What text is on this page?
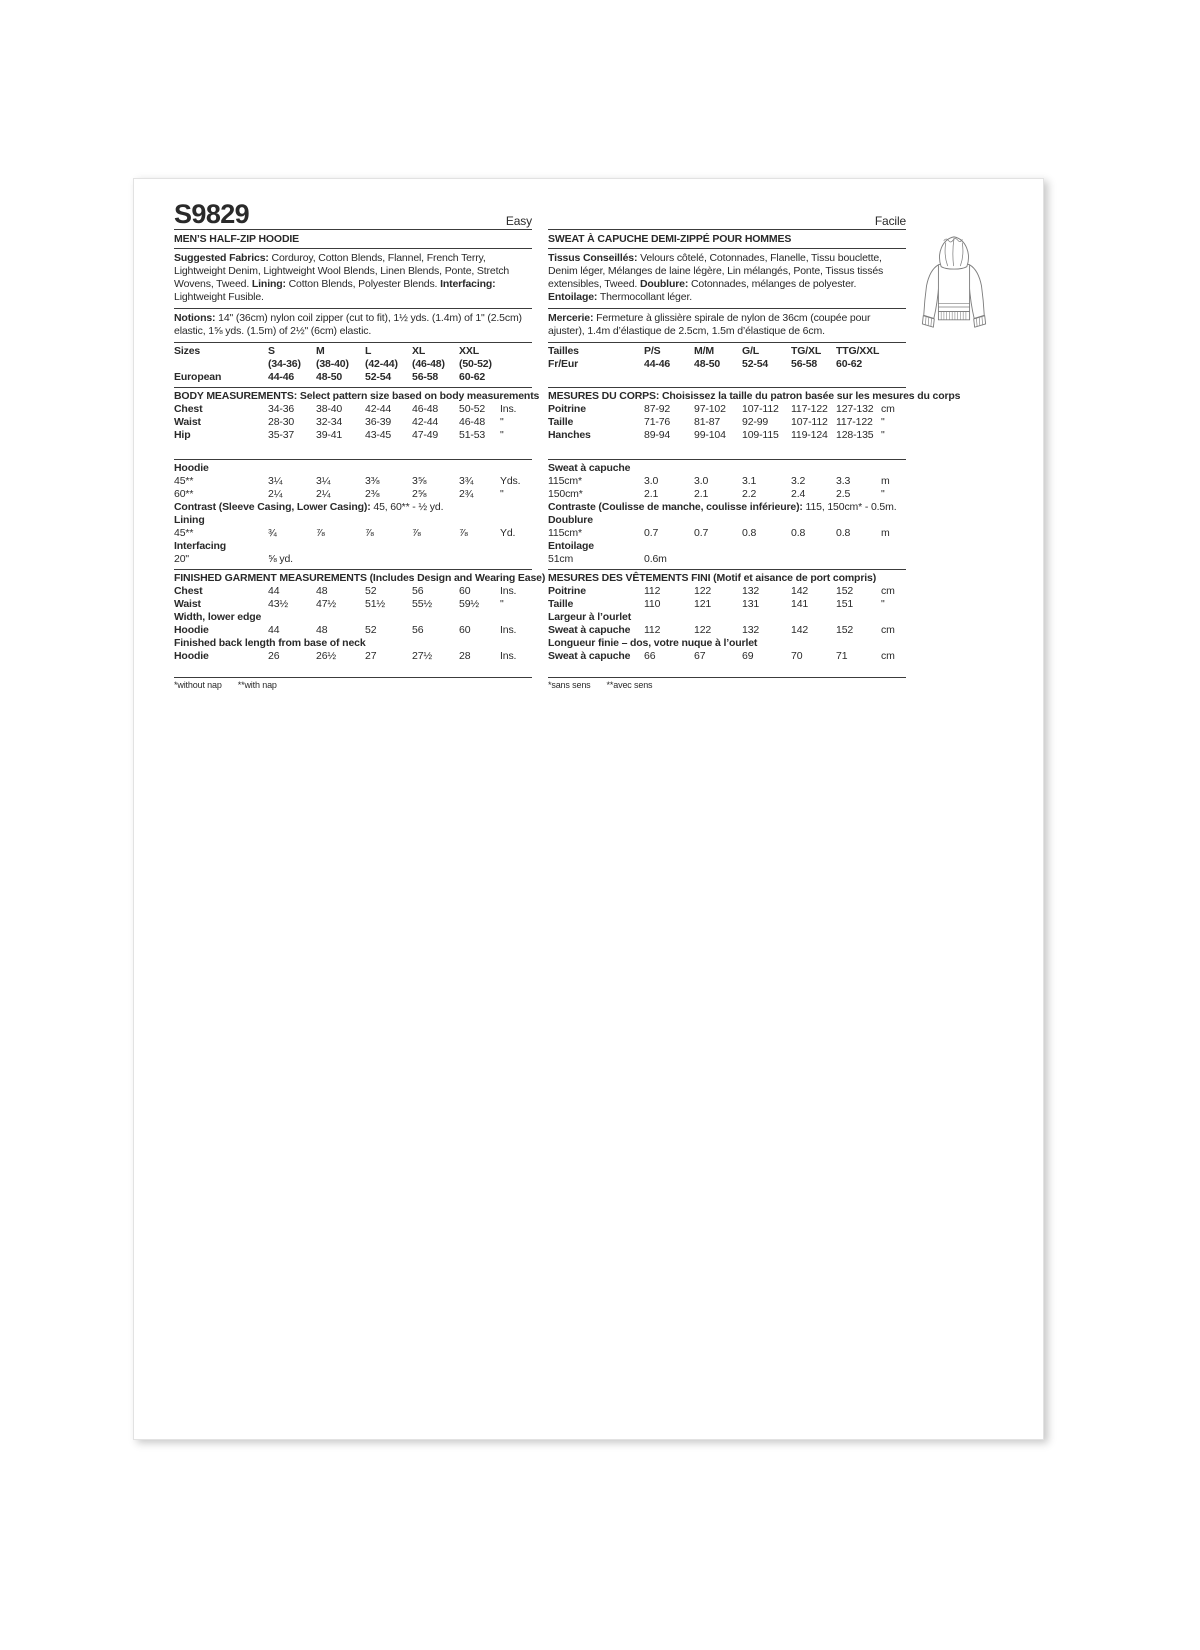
S9829	Easy
MEN’S HALF-ZIP HOODIE
Suggested Fabrics: Corduroy, Cotton Blends, Flannel, French Terry, Lightweight Denim, Lightweight Wool Blends, Linen Blends, Ponte, Stretch Wovens, Tweed. Lining: Cotton Blends, Polyester Blends. Interfacing: Lightweight Fusible.
Notions: 14" (36cm) nylon coil zipper (cut to fit), 1½ yds. (1.4m) of 1" (2.5cm) elastic, 1⅝ yds. (1.5m) of 2½" (6cm) elastic.
Sizes	S	M	L	XL	XXL
(34-36)	(38-40)	(42-44)	(46-48)	(50-52)
European	44-46	48-50	52-54	56-58	60-62
BODY MEASUREMENTS: Select pattern size based on body measurements
Chest	34-36	38-40	42-44	46-48	50-52	Ins.
Waist	28-30	32-34	36-39	42-44	46-48	"
Hip	35-37	39-41	43-45	47-49	51-53	"
Hoodie
45**	3¼	3¼	3⅜	3⅝	3¾	Yds.
60**	2¼	2¼	2⅜	2⅝	2¾	"
Contrast (Sleeve Casing, Lower Casing): 45, 60** - ½ yd.
Lining
45**	¾	⅞	⅞	⅞	⅞	Yd.
Interfacing
20"	⅝ yd.
FINISHED GARMENT MEASUREMENTS (Includes Design and Wearing Ease)
Chest	44	48	52	56	60	Ins.
Waist	43½	47½	51½	55½	59½	"
Width, lower edge
Hoodie	44	48	52	56	60	Ins.
Finished back length from base of neck
Hoodie	26	26½	27	27½	28	Ins.
*without nap **with nap
Facile
SWEAT À CAPUCHE DEMI-ZIPPÉ POUR HOMMES
Tissus Conseillés: Velours côtelé, Cotonnades, Flanelle, Tissu bouclette, Denim léger, Mélanges de laine légère, Lin mélangés, Ponte, Tissus tissés extensibles, Tweed. Doublure: Cotonnades, mélanges de polyester. Entoilage: Thermocollant léger.
Mercerie: Fermeture à glissière spirale de nylon de 36cm (coupée pour ajuster), 1.4m d’élastique de 2.5cm, 1.5m d’élastique de 6cm.
Tailles	P/S	M/M	G/L	TG/XL	TTG/XXL
Fr/Eur	44-46	48-50	52-54	56-58	60-62
MESURES DU CORPS: Choisissez la taille du patron basée sur les mesures du corps
Poitrine	87-92	97-102	107-112	117-122 127-132 cm
Taille	71-76	81-87	92-99	107-112 117-122 "
Hanches	89-94	99-104	109-115	119-124 128-135 "
Sweat à capuche
115cm*	3.0	3.0	3.1	3.2	3.3	m
150cm*	2.1	2.1	2.2	2.4	2.5	"
Contraste (Coulisse de manche, coulisse inférieure): 115, 150cm* - 0.5m.
Doublure
115cm*	0.7	0.7	0.8	0.8	0.8	m
Entoilage
51cm	0.6m
MESURES DES VÊTEMENTS FINI (Motif et aisance de port compris)
Poitrine	112	122	132	142	152	cm
Taille	110	121	131	141	151	"
Largeur à l’ourlet
Sweat à capuche	112	122	132	142	152	cm
Longueur finie – dos, votre nuque à l’ourlet
Sweat à capuche	66	67	69	70	71	cm
*sans sens **avec sens
